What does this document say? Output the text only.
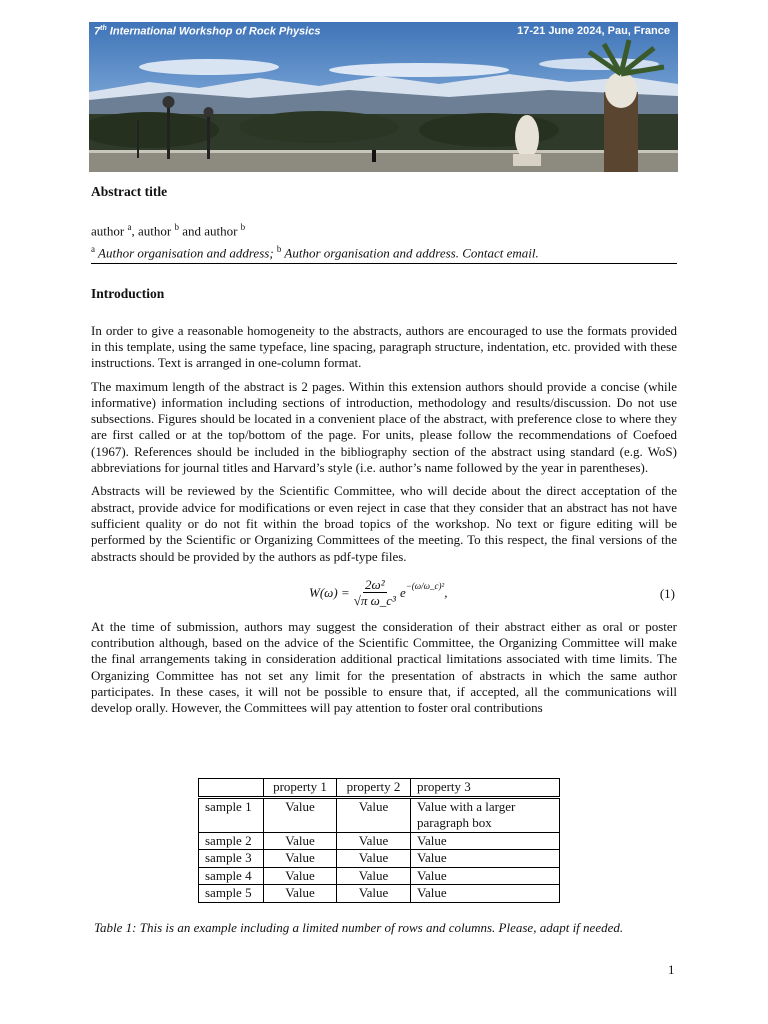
7th International Workshop of Rock Physics	17-21 June 2024, Pau, France
Abstract title
author $^a$, author $^b$ and author $^b$
$^a$ Author organisation and address; $^b$ Author organisation and address. Contact email.
Introduction

In order to give a reasonable homogeneity to the abstracts, authors are encouraged to use the formats provided in this template, using the same typeface, line spacing, paragraph structure, indentation, etc. provided with these instructions. Text is arranged in one-column format.

The maximum length of the abstract is 2 pages. Within this extension authors should provide a concise (while informative) information including sections of introduction, methodology and results/discussion. Do not use subsections. Figures should be located in a convenient place of the abstract, with preference close to where they are first called or at the top/bottom of the page. For units, please follow the recommendations of Coefoed (1967). References should be included in the bibliography section of the abstract using standard (e.g. WoS) abbreviations for journal titles and Harvard’s style (i.e. author’s name followed by the year in parentheses).

Abstracts will be reviewed by the Scientific Committee, who will decide about the direct acceptation of the abstract, provide advice for modifications or even reject in case that they consider that an abstract has not have sufficient quality or do not fit within the broad topics of the workshop. No text or figure editing will be performed by the Scientific or Organizing Committees of the meeting. To this respect, the final versions of the abstracts should be provided by the authors as pdf-type files.

$W(\omega) = \frac{\text{2ω²}}{\text{√π ω\_c³}} e^{-(\omega/\omega\_c)^2}$ ,	(1)

At the time of submission, authors may suggest the consideration of their abstract either as oral or poster contribution although, based on the advice of the Scientific Committee, the Organizing Committee will make the final arrangements taking in consideration additional practical limitations associated with time limits. The Organizing Committee has not set any limit for the presentation of abstracts in which the same author participates. In these cases, it will not be possible to ensure that, if accepted, all the communications will develop orally. However, the Committees will pay attention to foster oral contributions

	property 1	property 2	property 3
sample 1	Value	Value	Value with a larger paragraph box
sample 2	Value	Value	Value
sample 3	Value	Value	Value
sample 4	Value	Value	Value
sample 5	Value	Value	Value
Table 1: This is an example including a limited number of rows and columns. Please, adapt if needed.
1
